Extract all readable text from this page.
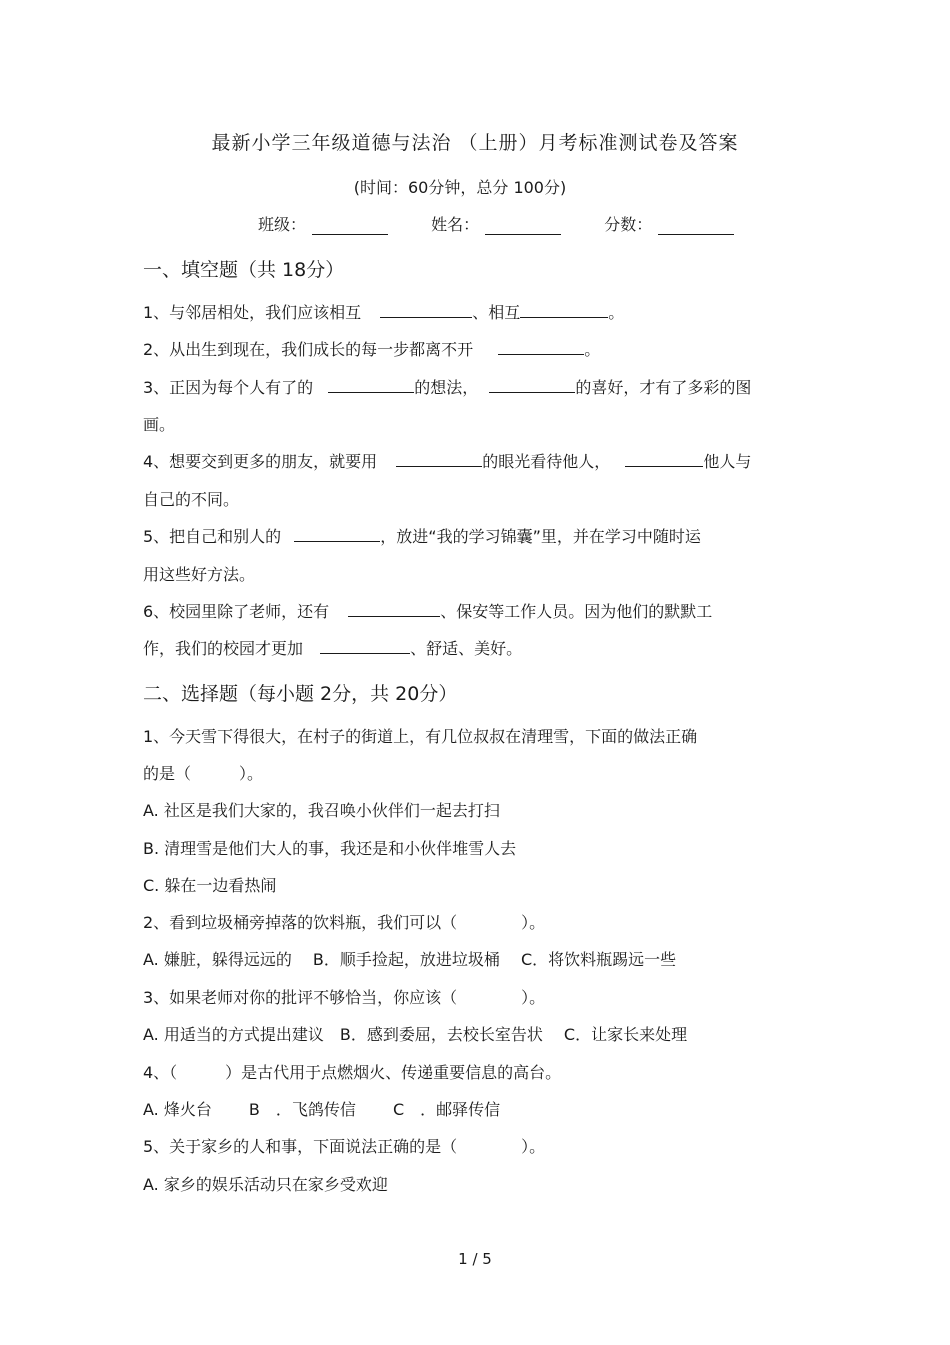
最新小学三年级道德与法治 （上册）月考标准测试卷及答案
(时间：60分钟，总分 100分)
班级：	姓名：	分数：
一、填空题（共 18分）
1、与邻居相处，我们应该相互	、相互	。
2、从出生到现在，我们成长的每一步都离不开	。
3、正因为每个人有了的	的想法，	的喜好，才有了多彩的图
画。
4、想要交到更多的朋友，就要用	的眼光看待他人，	他人与
自己的不同。
5、把自己和别人的	，放进“我的学习锦囊”里，并在学习中随时运
用这些好方法。
6、校园里除了老师，还有	、保安等工作人员。因为他们的默默工
作，我们的校园才更加	、舒适、美好。
二、选择题（每小题 2分，共 20分）
1、今天雪下得很大，在村子的街道上，有几位叔叔在清理雪，下面的做法正确
的是（　　　）。
A. 社区是我们大家的，我召唤小伙伴们一起去打扫
B. 清理雪是他们大人的事，我还是和小伙伴堆雪人去
C. 躲在一边看热闹
2、看到垃圾桶旁掉落的饮料瓶，我们可以（　　　　）。
A. 嫌脏，躲得远远的　 B．顺手捡起，放进垃圾桶　 C．将饮料瓶踢远一些
3、如果老师对你的批评不够恰当，你应该（　　　　）。
A. 用适当的方式提出建议　B．感到委屈，去校长室告状　 C．让家长来处理
4、（　　　）是古代用于点燃烟火、传递重要信息的高台。
A. 烽火台　　 B　．飞鸽传信　　 C　．邮驿传信
5、关于家乡的人和事，下面说法正确的是（　　　　）。
A. 家乡的娱乐活动只在家乡受欢迎
1 / 5
